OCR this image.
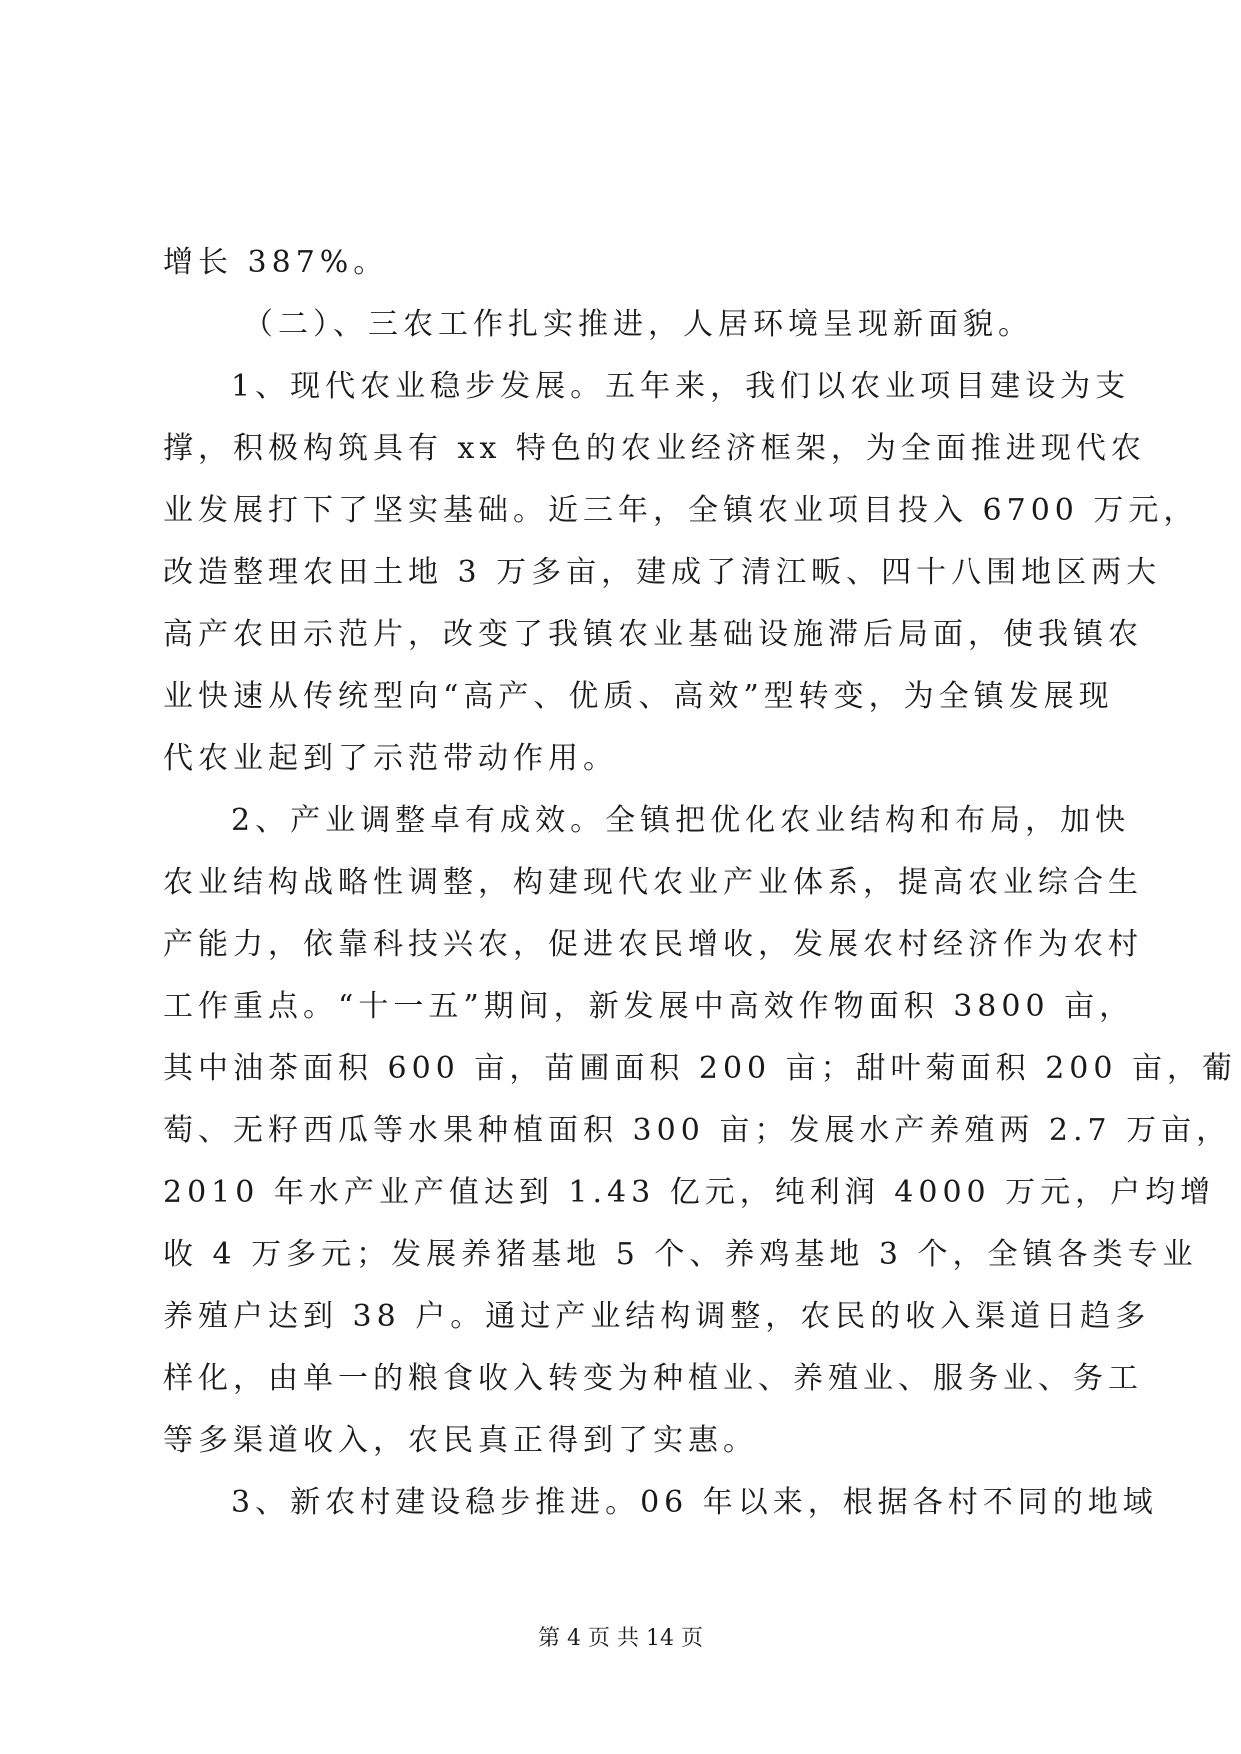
增长 387%。
（二）、三农工作扎实推进，人居环境呈现新面貌。
1、现代农业稳步发展。五年来，我们以农业项目建设为支
撑，积极构筑具有 xx 特色的农业经济框架，为全面推进现代农
业发展打下了坚实基础。近三年，全镇农业项目投入 6700 万元，
改造整理农田土地 3 万多亩，建成了清江畈、四十八围地区两大
高产农田示范片，改变了我镇农业基础设施滞后局面，使我镇农
业快速从传统型向“高产、优质、高效”型转变，为全镇发展现
代农业起到了示范带动作用。
2、产业调整卓有成效。全镇把优化农业结构和布局，加快
农业结构战略性调整，构建现代农业产业体系，提高农业综合生
产能力，依靠科技兴农，促进农民增收，发展农村经济作为农村
工作重点。“十一五”期间，新发展中高效作物面积 3800 亩，
其中油茶面积 600 亩，苗圃面积 200 亩；甜叶菊面积 200 亩，葡
萄、无籽西瓜等水果种植面积 300 亩；发展水产养殖两 2.7 万亩，
2010 年水产业产值达到 1.43 亿元，纯利润 4000 万元，户均增
收 4 万多元；发展养猪基地 5 个、养鸡基地 3 个，全镇各类专业
养殖户达到 38 户。通过产业结构调整，农民的收入渠道日趋多
样化，由单一的粮食收入转变为种植业、养殖业、服务业、务工
等多渠道收入，农民真正得到了实惠。
3、新农村建设稳步推进。06 年以来，根据各村不同的地域
第 4 页 共 14 页
